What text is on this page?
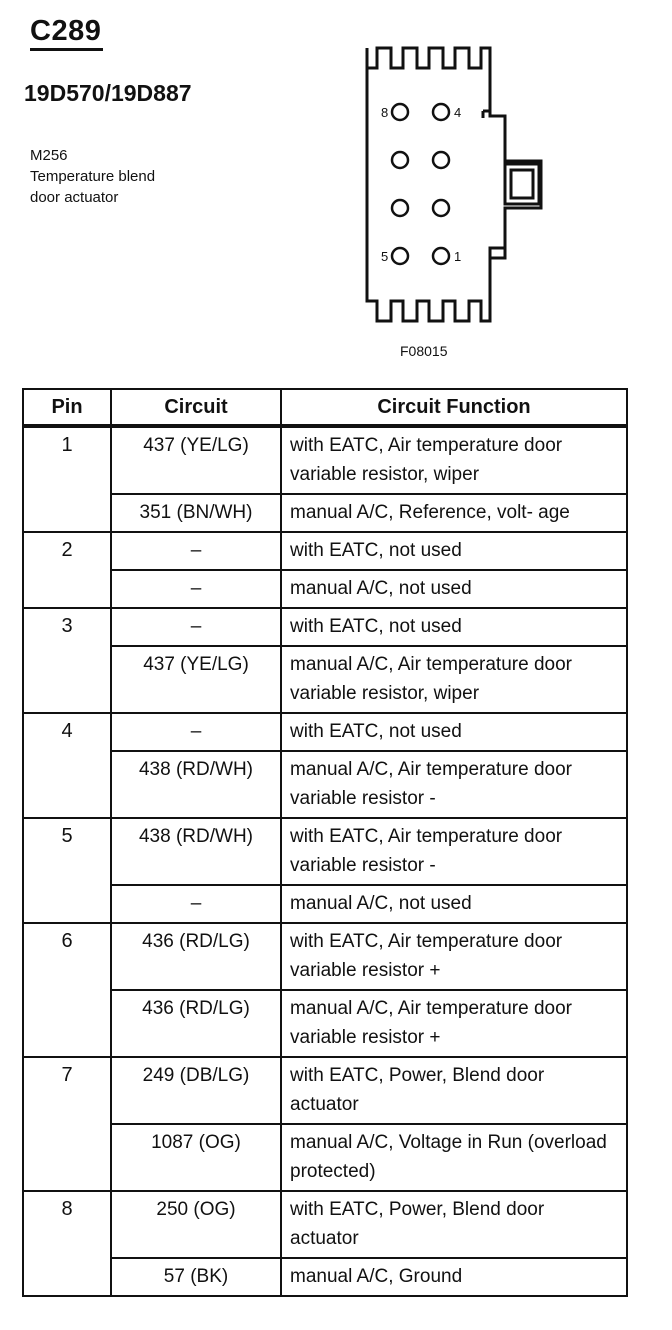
C289
19D570/19D887
M256
Temperature blend
door actuator
8	4
5	1
F08015
Pin	Circuit	Circuit Function
1	437 (YE/LG)	with EATC, Air temperature door variable resistor, wiper
	351 (BN/WH)	manual A/C, Reference, volt- age
2	–	with EATC, not used
	–	manual A/C, not used
3	–	with EATC, not used
	437 (YE/LG)	manual A/C, Air temperature door variable resistor, wiper
4	–	with EATC, not used
	438 (RD/WH)	manual A/C, Air temperature door variable resistor -
5	438 (RD/WH)	with EATC, Air temperature door variable resistor -
	–	manual A/C, not used
6	436 (RD/LG)	with EATC, Air temperature door variable resistor +
	436 (RD/LG)	manual A/C, Air temperature door variable resistor +
7	249 (DB/LG)	with EATC, Power, Blend door actuator
	1087 (OG)	manual A/C, Voltage in Run (overload protected)
8	250 (OG)	with EATC, Power, Blend door actuator
	57 (BK)	manual A/C, Ground
